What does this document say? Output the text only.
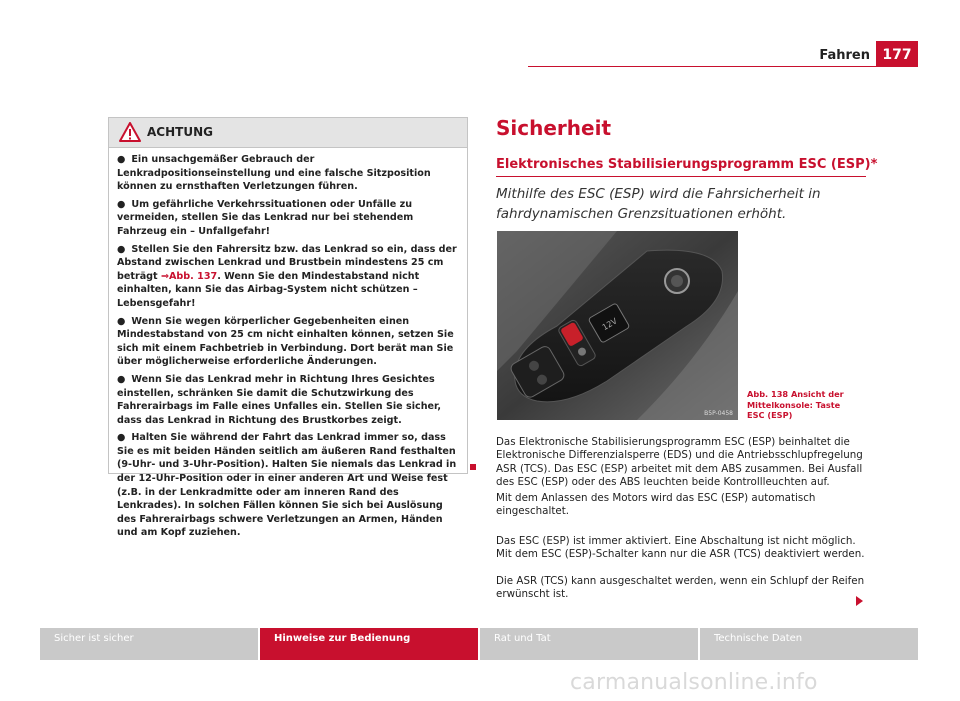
Fahren 177
ACHTUNG
● Ein unsachgemäßer Gebrauch der Lenkradpositionseinstellung und eine falsche Sitzposition können zu ernsthaften Verletzungen führen.
● Um gefährliche Verkehrssituationen oder Unfälle zu vermeiden, stellen Sie das Lenkrad nur bei stehendem Fahrzeug ein – Unfallgefahr!
● Stellen Sie den Fahrersitz bzw. das Lenkrad so ein, dass der Abstand zwischen Lenkrad und Brustbein mindestens 25 cm beträgt ⇒Abb. 137. Wenn Sie den Mindestabstand nicht einhalten, kann Sie das Airbag-System nicht schützen – Lebensgefahr!
● Wenn Sie wegen körperlicher Gegebenheiten einen Mindestabstand von 25 cm nicht einhalten können, setzen Sie sich mit einem Fachbetrieb in Verbindung. Dort berät man Sie über möglicherweise erforderliche Änderungen.
● Wenn Sie das Lenkrad mehr in Richtung Ihres Gesichtes einstellen, schränken Sie damit die Schutzwirkung des Fahrerairbags im Falle eines Unfalles ein. Stellen Sie sicher, dass das Lenkrad in Richtung des Brustkorbes zeigt.
● Halten Sie während der Fahrt das Lenkrad immer so, dass Sie es mit beiden Händen seitlich am äußeren Rand festhalten (9-Uhr- und 3-Uhr-Position). Halten Sie niemals das Lenkrad in der 12-Uhr-Position oder in einer anderen Art und Weise fest (z.B. in der Lenkradmitte oder am inneren Rand des Lenkrades). In solchen Fällen können Sie sich bei Auslösung des Fahrerairbags schwere Verletzungen an Armen, Händen und am Kopf zuziehen.
Sicherheit
Elektronisches Stabilisierungsprogramm ESC (ESP)*
Mithilfe des ESC (ESP) wird die Fahrsicherheit in fahrdynamischen Grenzsituationen erhöht.
12V
B5P-0458
Abb. 138 Ansicht der Mittelkonsole: Taste ESC (ESP)
Das Elektronische Stabilisierungsprogramm ESC (ESP) beinhaltet die Elektronische Differenzialsperre (EDS) und die Antriebsschlupfregelung ASR (TCS). Das ESC (ESP) arbeitet mit dem ABS zusammen. Bei Ausfall des ESC (ESP) oder des ABS leuchten beide Kontrollleuchten auf.
Mit dem Anlassen des Motors wird das ESC (ESP) automatisch eingeschaltet.
Das ESC (ESP) ist immer aktiviert. Eine Abschaltung ist nicht möglich. Mit dem ESC (ESP)-Schalter kann nur die ASR (TCS) deaktiviert werden.
Die ASR (TCS) kann ausgeschaltet werden, wenn ein Schlupf der Reifen erwünscht ist.
Sicher ist sicher	Hinweise zur Bedienung	Rat und Tat	Technische Daten
carmanualsonline.info
